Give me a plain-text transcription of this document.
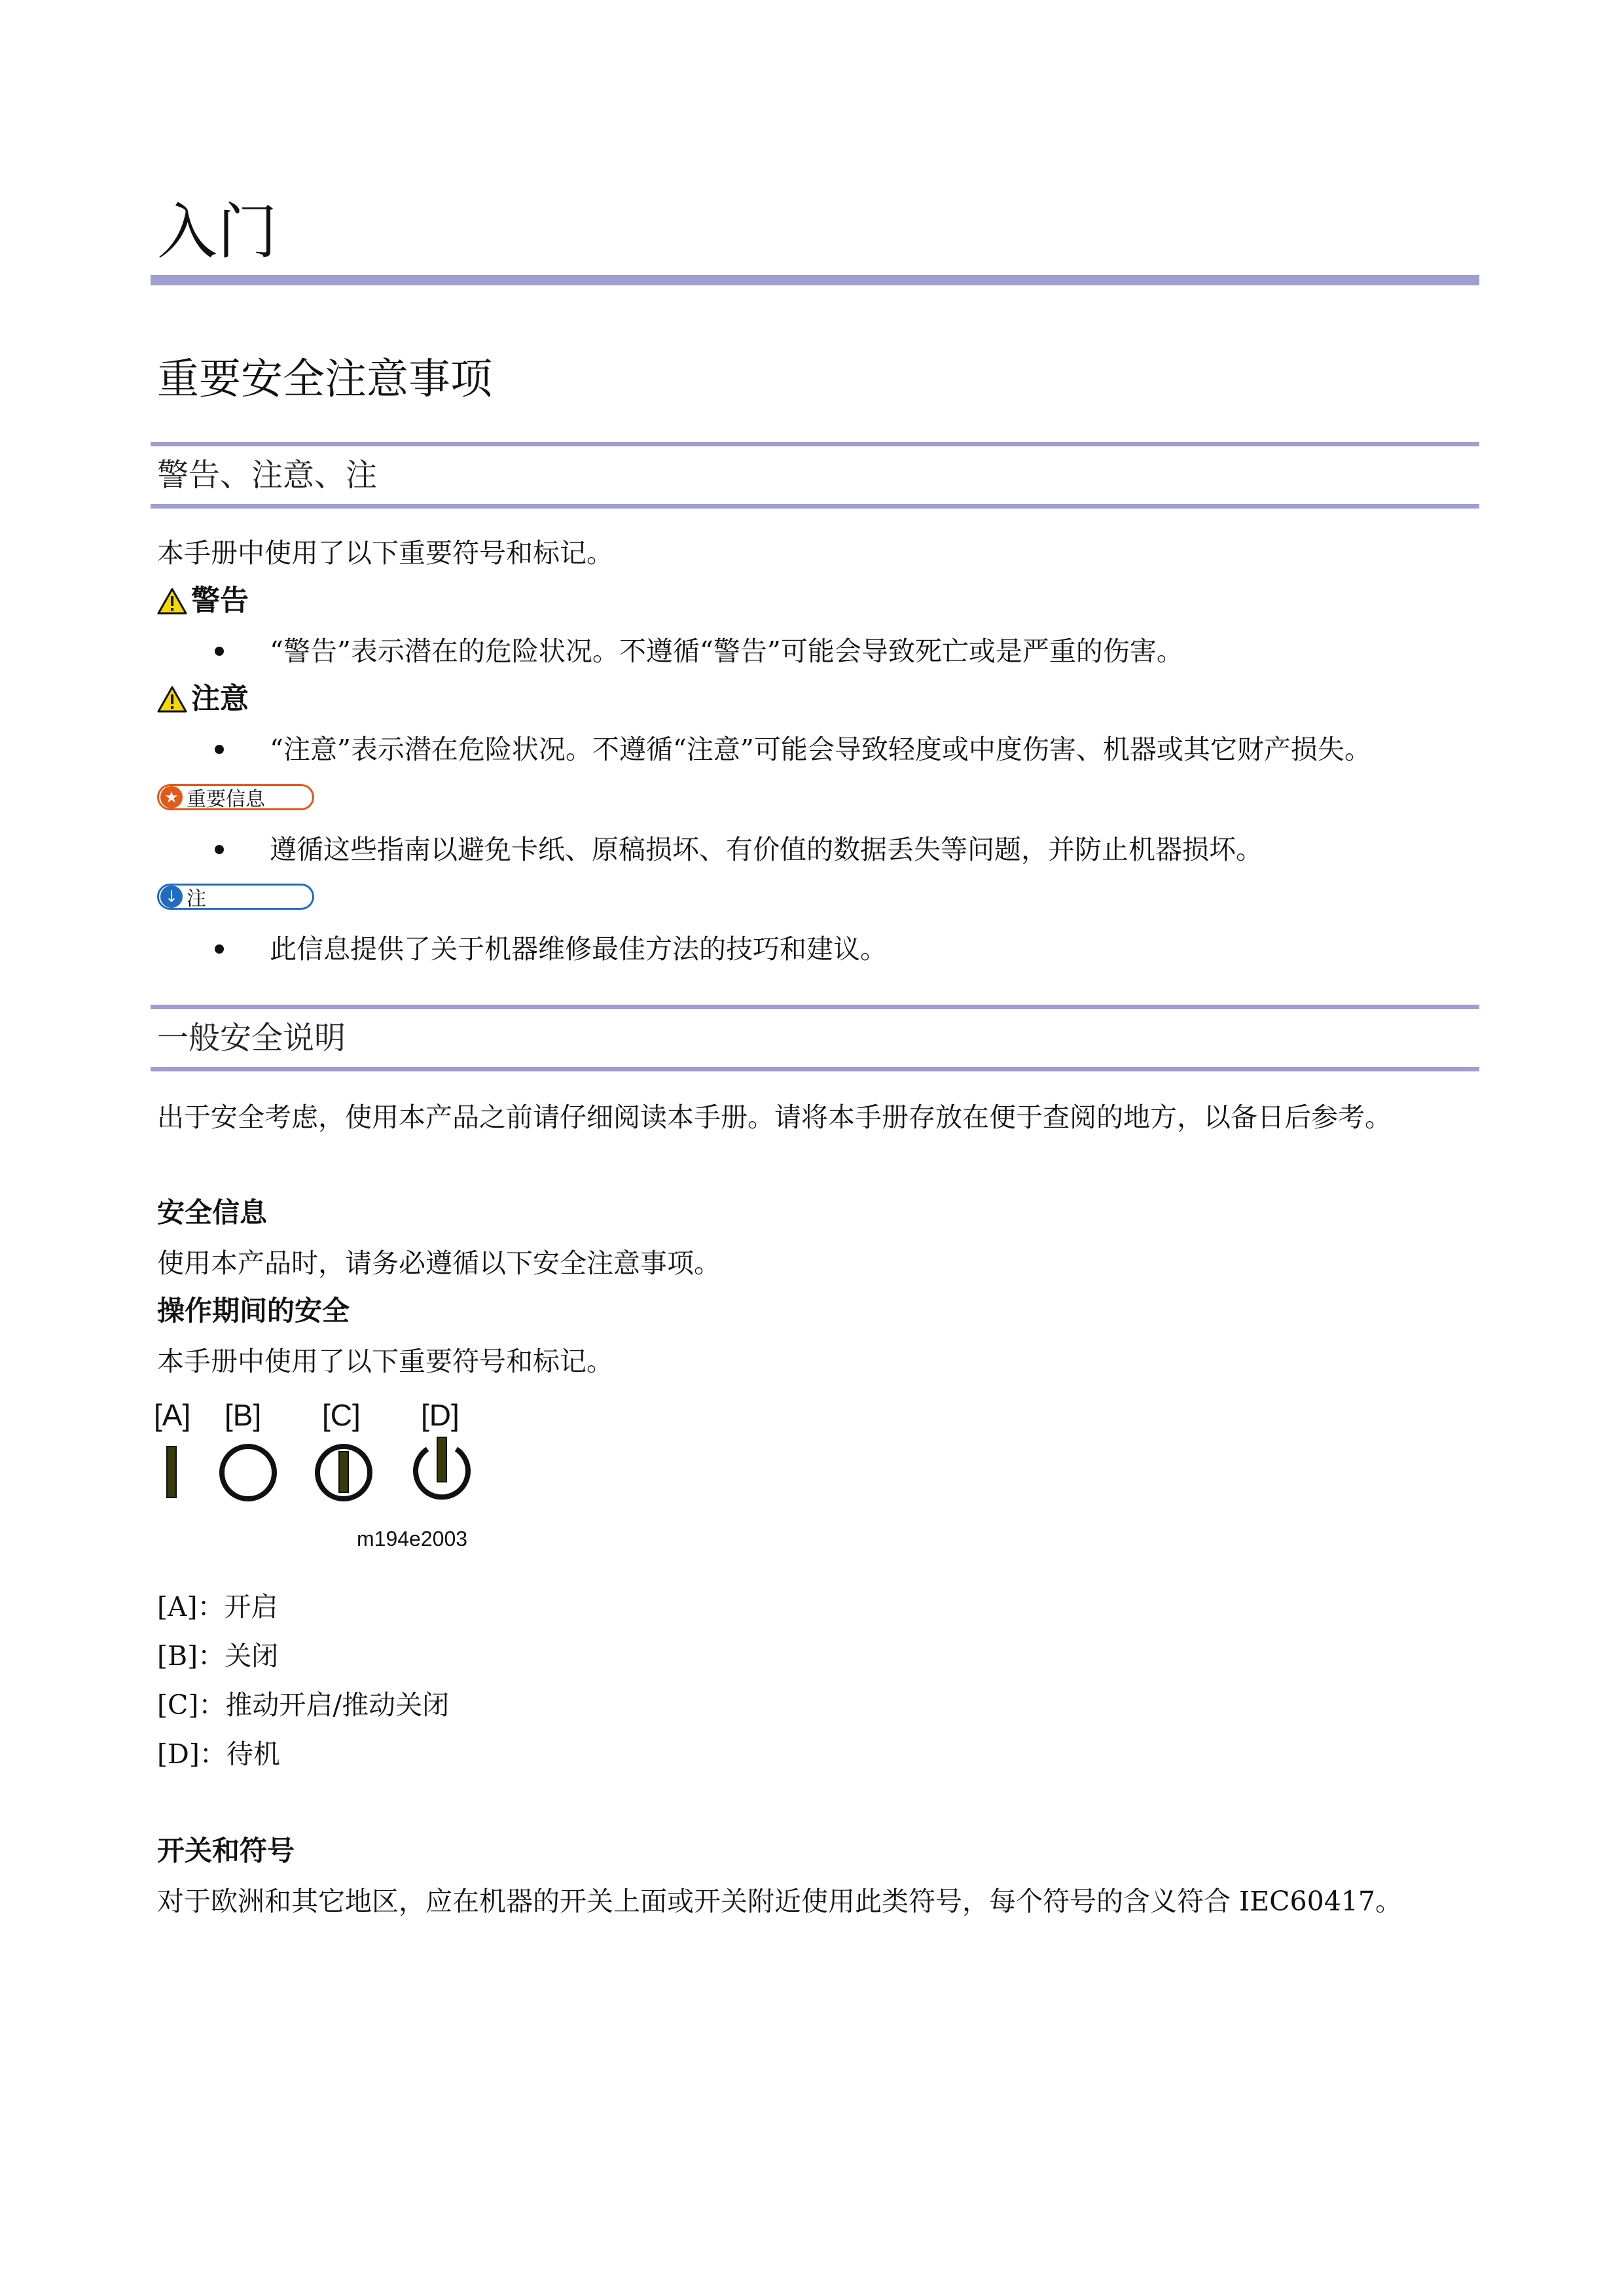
入门
重要安全注意事项
警告、注意、注
本手册中使用了以下重要符号和标记。
警告
“警告”表示潜在的危险状况。不遵循“警告”可能会导致死亡或是严重的伤害。
注意
“注意”表示潜在危险状况。不遵循“注意”可能会导致轻度或中度伤害、机器或其它财产损失。
★ 重要信息
遵循这些指南以避免卡纸、原稿损坏、有价值的数据丢失等问题，并防止机器损坏。
↓ 注
此信息提供了关于机器维修最佳方法的技巧和建议。
一般安全说明
出于安全考虑，使用本产品之前请仔细阅读本手册。请将本手册存放在便于查阅的地方，以备日后参考。
安全信息
使用本产品时，请务必遵循以下安全注意事项。
操作期间的安全
本手册中使用了以下重要符号和标记。
[A] [B] [C] [D]
m194e2003
[A]：开启
[B]：关闭
[C]：推动开启/推动关闭
[D]：待机
开关和符号
对于欧洲和其它地区，应在机器的开关上面或开关附近使用此类符号，每个符号的含义符合 IEC60417。
